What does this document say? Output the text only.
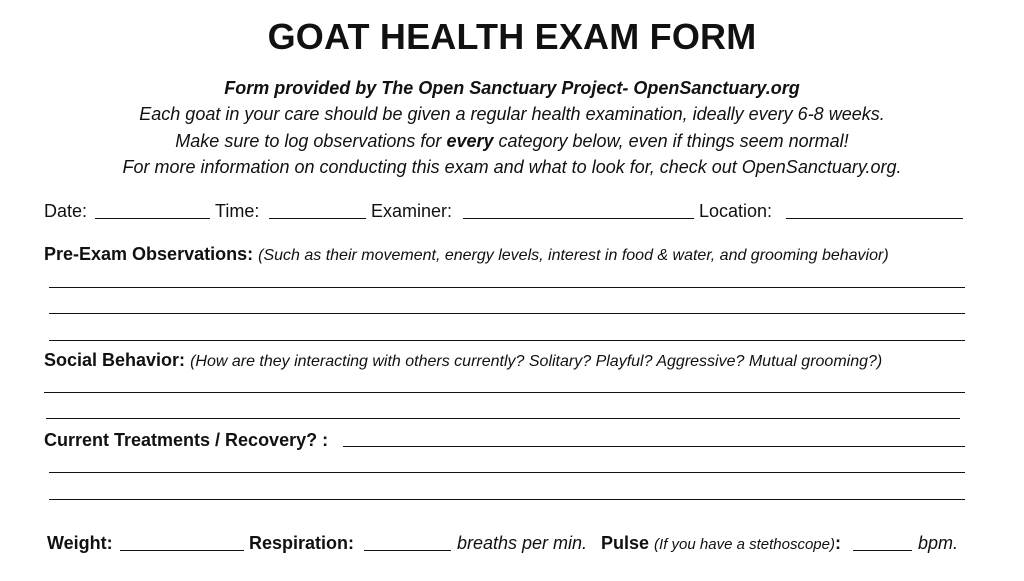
GOAT HEALTH EXAM FORM
Form provided by The Open Sanctuary Project- OpenSanctuary.org
Each goat in your care should be given a regular health examination, ideally every 6-8 weeks.
Make sure to log observations for every category below, even if things seem normal!
For more information on conducting this exam and what to look for, check out OpenSanctuary.org.
Date:	Time:	Examiner:	Location:
Pre-Exam Observations: (Such as their movement, energy levels, interest in food & water, and grooming behavior)
Social Behavior: (How are they interacting with others currently? Solitary? Playful? Aggressive? Mutual grooming?)
Current Treatments / Recovery? :
Weight:	Respiration:	breaths per min. Pulse (If you have a stethoscope):	bpm.
